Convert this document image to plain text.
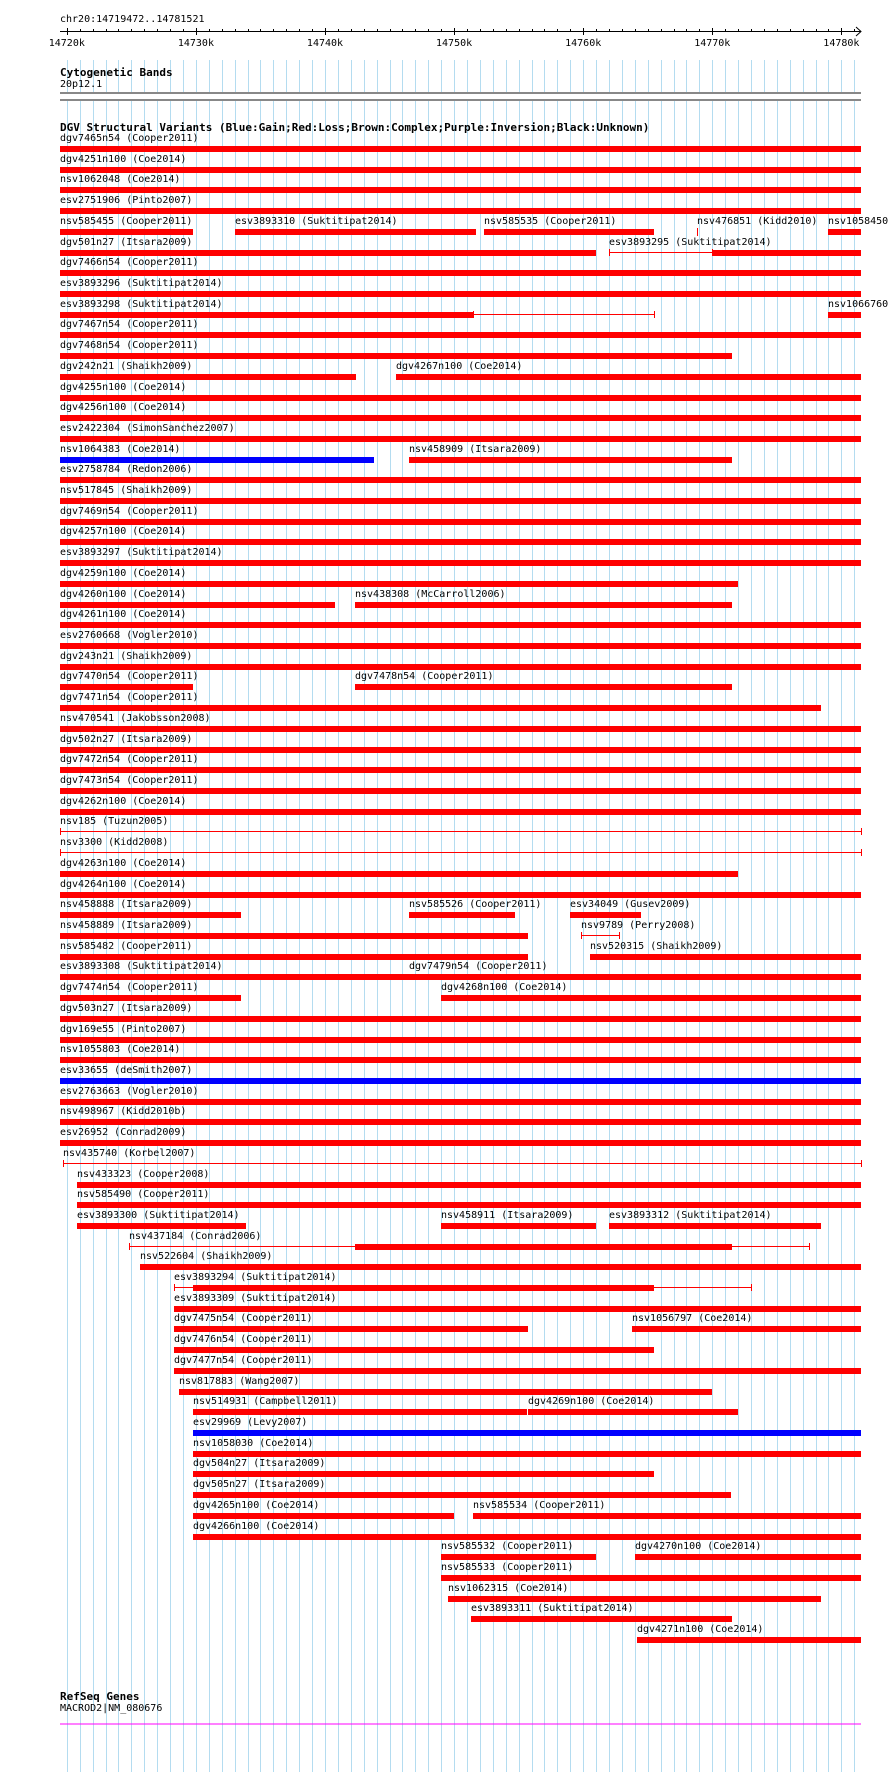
chr20:14719472..14781521
14720k	14730k	14740k	14750k	14760k	14770k	14780k
Cytogenetic Bands
20p12.1
DGV Structural Variants (Blue:Gain;Red:Loss;Brown:Complex;Purple:Inversion;Black:Unknown)
dgv7465n54 (Cooper2011)
dgv4251n100 (Coe2014)
nsv1062048 (Coe2014)
esv2751906 (Pinto2007)
nsv585455 (Cooper2011)	esv3893310 (Suktitipat2014)	nsv585535 (Cooper2011)	nsv476851 (Kidd2010) nsv1058450
dgv501n27 (Itsara2009)	esv3893295 (Suktitipat2014)
dgv7466n54 (Cooper2011)
esv3893296 (Suktitipat2014)
esv3893298 (Suktitipat2014)	nsv1066760
dgv7467n54 (Cooper2011)
dgv7468n54 (Cooper2011)
dgv242n21 (Shaikh2009)	dgv4267n100 (Coe2014)
dgv4255n100 (Coe2014)
dgv4256n100 (Coe2014)
esv2422304 (SimonSanchez2007)
nsv1064383 (Coe2014)	nsv458909 (Itsara2009)
esv2758784 (Redon2006)
nsv517845 (Shaikh2009)
dgv7469n54 (Cooper2011)
dgv4257n100 (Coe2014)
esv3893297 (Suktitipat2014)
dgv4259n100 (Coe2014)
dgv4260n100 (Coe2014)	nsv438308 (McCarroll2006)
dgv4261n100 (Coe2014)
esv2760668 (Vogler2010)
dgv243n21 (Shaikh2009)
dgv7470n54 (Cooper2011)	dgv7478n54 (Cooper2011)
dgv7471n54 (Cooper2011)
nsv470541 (Jakobsson2008)
dgv502n27 (Itsara2009)
dgv7472n54 (Cooper2011)
dgv7473n54 (Cooper2011)
dgv4262n100 (Coe2014)
nsv185 (Tuzun2005)
nsv3300 (Kidd2008)
dgv4263n100 (Coe2014)
dgv4264n100 (Coe2014)
nsv458888 (Itsara2009)	nsv585526 (Cooper2011)	esv34049 (Gusev2009)
nsv458889 (Itsara2009)	nsv9789 (Perry2008)
nsv585482 (Cooper2011)	nsv520315 (Shaikh2009)
esv3893308 (Suktitipat2014)	dgv7479n54 (Cooper2011)
dgv7474n54 (Cooper2011)	dgv4268n100 (Coe2014)
dgv503n27 (Itsara2009)
dgv169e55 (Pinto2007)
nsv1055803 (Coe2014)
esv33655 (deSmith2007)
esv2763663 (Vogler2010)
nsv498967 (Kidd2010b)
esv26952 (Conrad2009)
nsv435740 (Korbel2007)
nsv433323 (Cooper2008)
nsv585490 (Cooper2011)
esv3893300 (Suktitipat2014)	nsv458911 (Itsara2009)	esv3893312 (Suktitipat2014)
nsv437184 (Conrad2006)
nsv522604 (Shaikh2009)
esv3893294 (Suktitipat2014)
esv3893309 (Suktitipat2014)
dgv7475n54 (Cooper2011)	nsv1056797 (Coe2014)
dgv7476n54 (Cooper2011)
dgv7477n54 (Cooper2011)
nsv817883 (Wang2007)
nsv514931 (Campbell2011)	dgv4269n100 (Coe2014)
esv29969 (Levy2007)
nsv1058030 (Coe2014)
dgv504n27 (Itsara2009)
dgv505n27 (Itsara2009)
dgv4265n100 (Coe2014)	nsv585534 (Cooper2011)
dgv4266n100 (Coe2014)
nsv585532 (Cooper2011)	dgv4270n100 (Coe2014)
nsv585533 (Cooper2011)
nsv1062315 (Coe2014)
esv3893311 (Suktitipat2014)
dgv4271n100 (Coe2014)
RefSeq Genes
MACROD2|NM_080676
